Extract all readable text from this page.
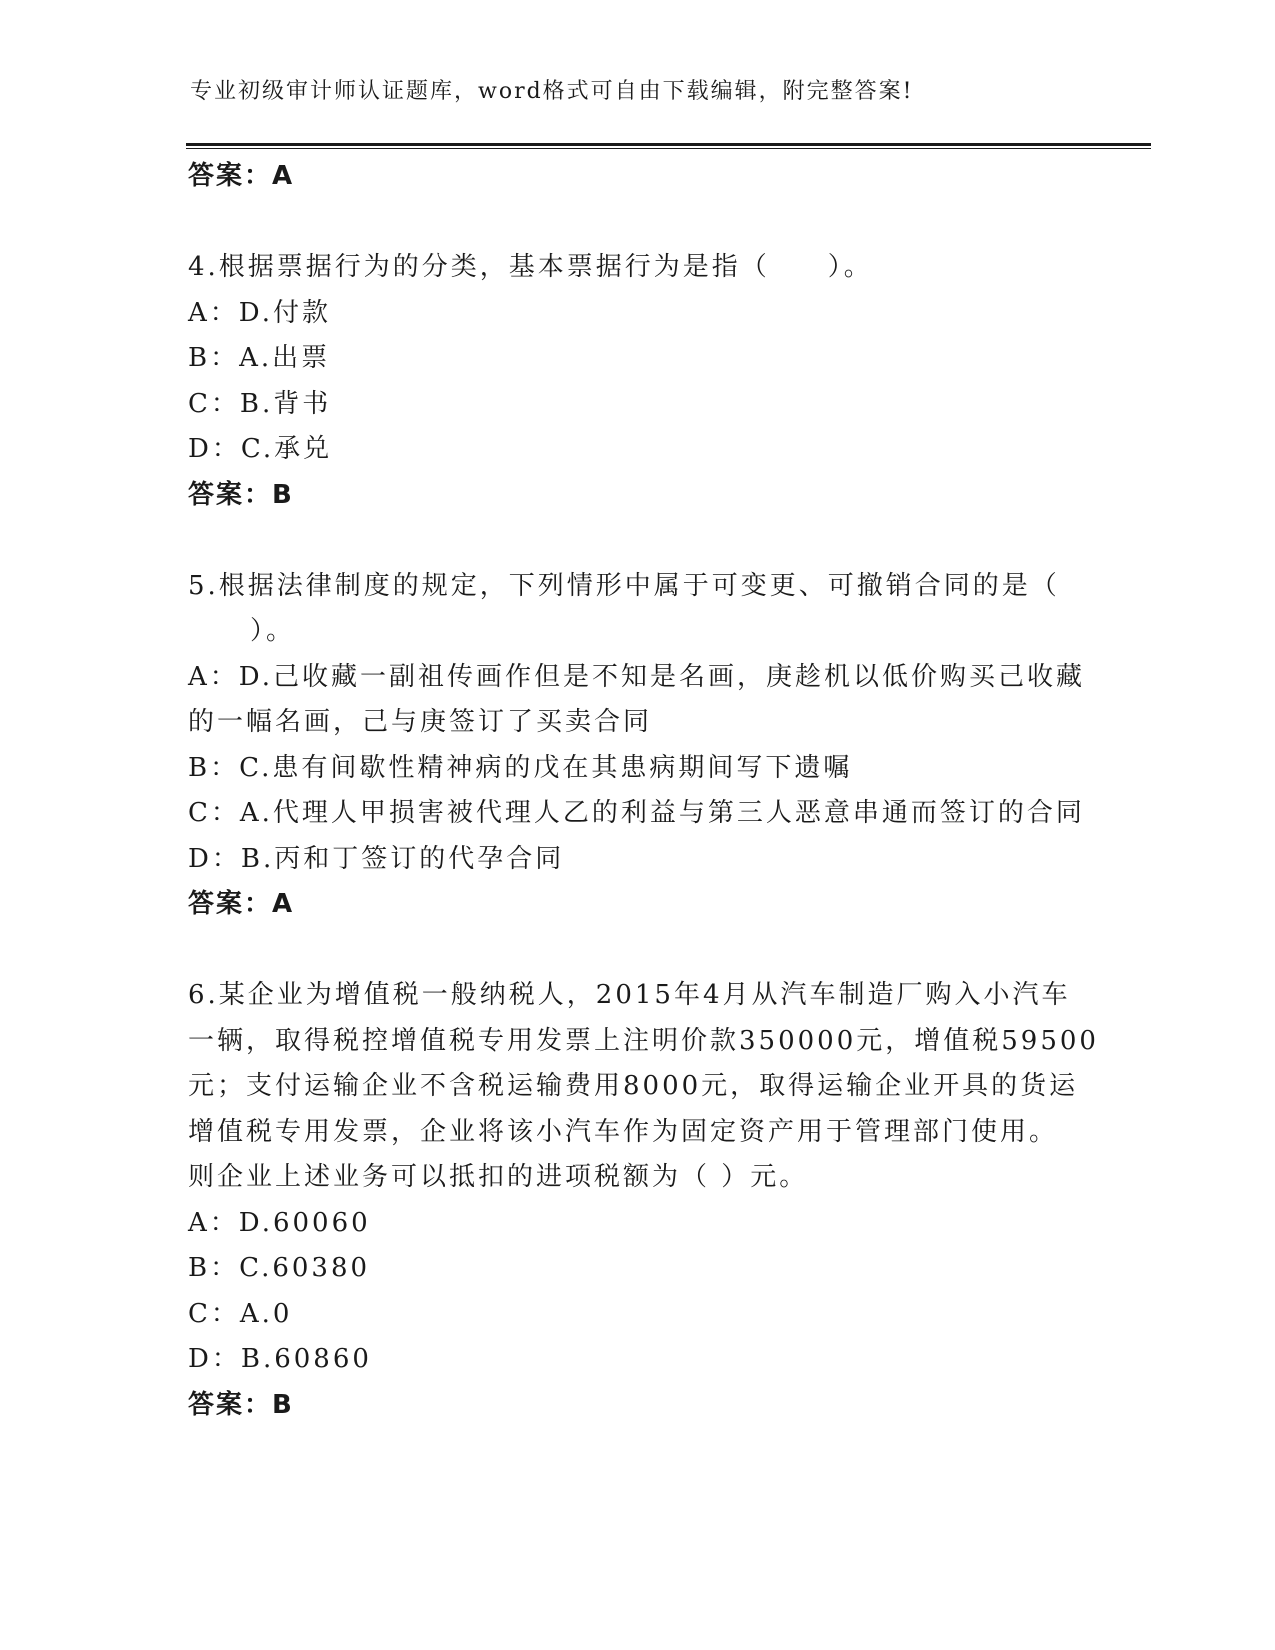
专业初级审计师认证题库，word格式可自由下载编辑，附完整答案!
答案：A
4.根据票据行为的分类，基本票据行为是指（　　）。
A：D.付款
B：A.出票
C：B.背书
D：C.承兑
答案：B
5.根据法律制度的规定，下列情形中属于可变更、可撤销合同的是（
）。
A：D.己收藏一副祖传画作但是不知是名画，庚趁机以低价购买己收藏
的一幅名画，己与庚签订了买卖合同
B：C.患有间歇性精神病的戊在其患病期间写下遗嘱
C：A.代理人甲损害被代理人乙的利益与第三人恶意串通而签订的合同
D：B.丙和丁签订的代孕合同
答案：A
6.某企业为增值税一般纳税人，2015年4月从汽车制造厂购入小汽车
一辆，取得税控增值税专用发票上注明价款350000元，增值税59500
元；支付运输企业不含税运输费用8000元，取得运输企业开具的货运
增值税专用发票，企业将该小汽车作为固定资产用于管理部门使用。
则企业上述业务可以抵扣的进项税额为（ ）元。
A：D.60060
B：C.60380
C：A.0
D：B.60860
答案：B
